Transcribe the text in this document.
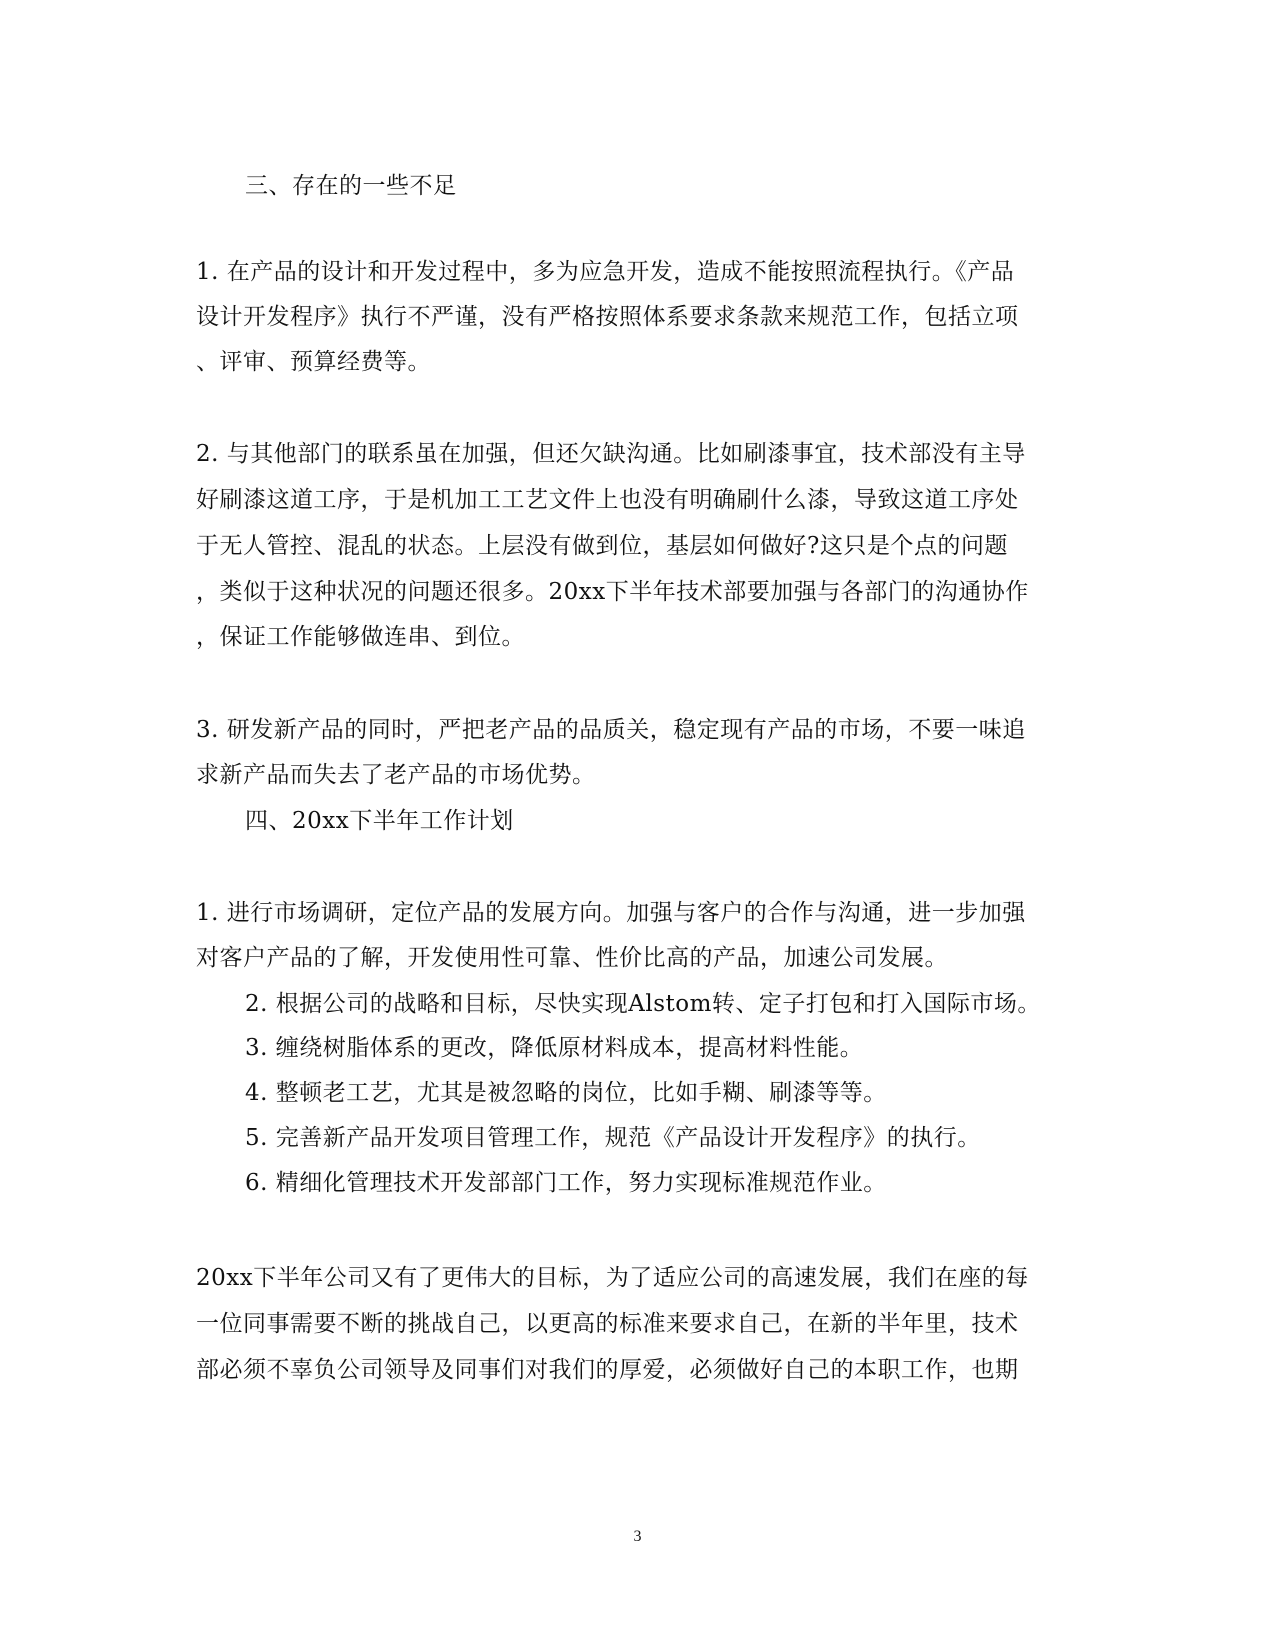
三、存在的一些不足
1. 在产品的设计和开发过程中，多为应急开发，造成不能按照流程执行。《产品
设计开发程序》执行不严谨，没有严格按照体系要求条款来规范工作，包括立项
、评审、预算经费等。
2. 与其他部门的联系虽在加强，但还欠缺沟通。比如刷漆事宜，技术部没有主导
好刷漆这道工序，于是机加工工艺文件上也没有明确刷什么漆，导致这道工序处
于无人管控、混乱的状态。上层没有做到位，基层如何做好?这只是个点的问题
，类似于这种状况的问题还很多。20xx下半年技术部要加强与各部门的沟通协作
，保证工作能够做连串、到位。
3. 研发新产品的同时，严把老产品的品质关，稳定现有产品的市场，不要一味追
求新产品而失去了老产品的市场优势。
四、20xx下半年工作计划
1. 进行市场调研，定位产品的发展方向。加强与客户的合作与沟通，进一步加强
对客户产品的了解，开发使用性可靠、性价比高的产品，加速公司发展。
2. 根据公司的战略和目标，尽快实现Alstom转、定子打包和打入国际市场。
3. 缠绕树脂体系的更改，降低原材料成本，提高材料性能。
4. 整顿老工艺，尤其是被忽略的岗位，比如手糊、刷漆等等。
5. 完善新产品开发项目管理工作，规范《产品设计开发程序》的执行。
6. 精细化管理技术开发部部门工作，努力实现标准规范作业。
20xx下半年公司又有了更伟大的目标，为了适应公司的高速发展，我们在座的每
一位同事需要不断的挑战自己，以更高的标准来要求自己，在新的半年里，技术
部必须不辜负公司领导及同事们对我们的厚爱，必须做好自己的本职工作，也期
3
